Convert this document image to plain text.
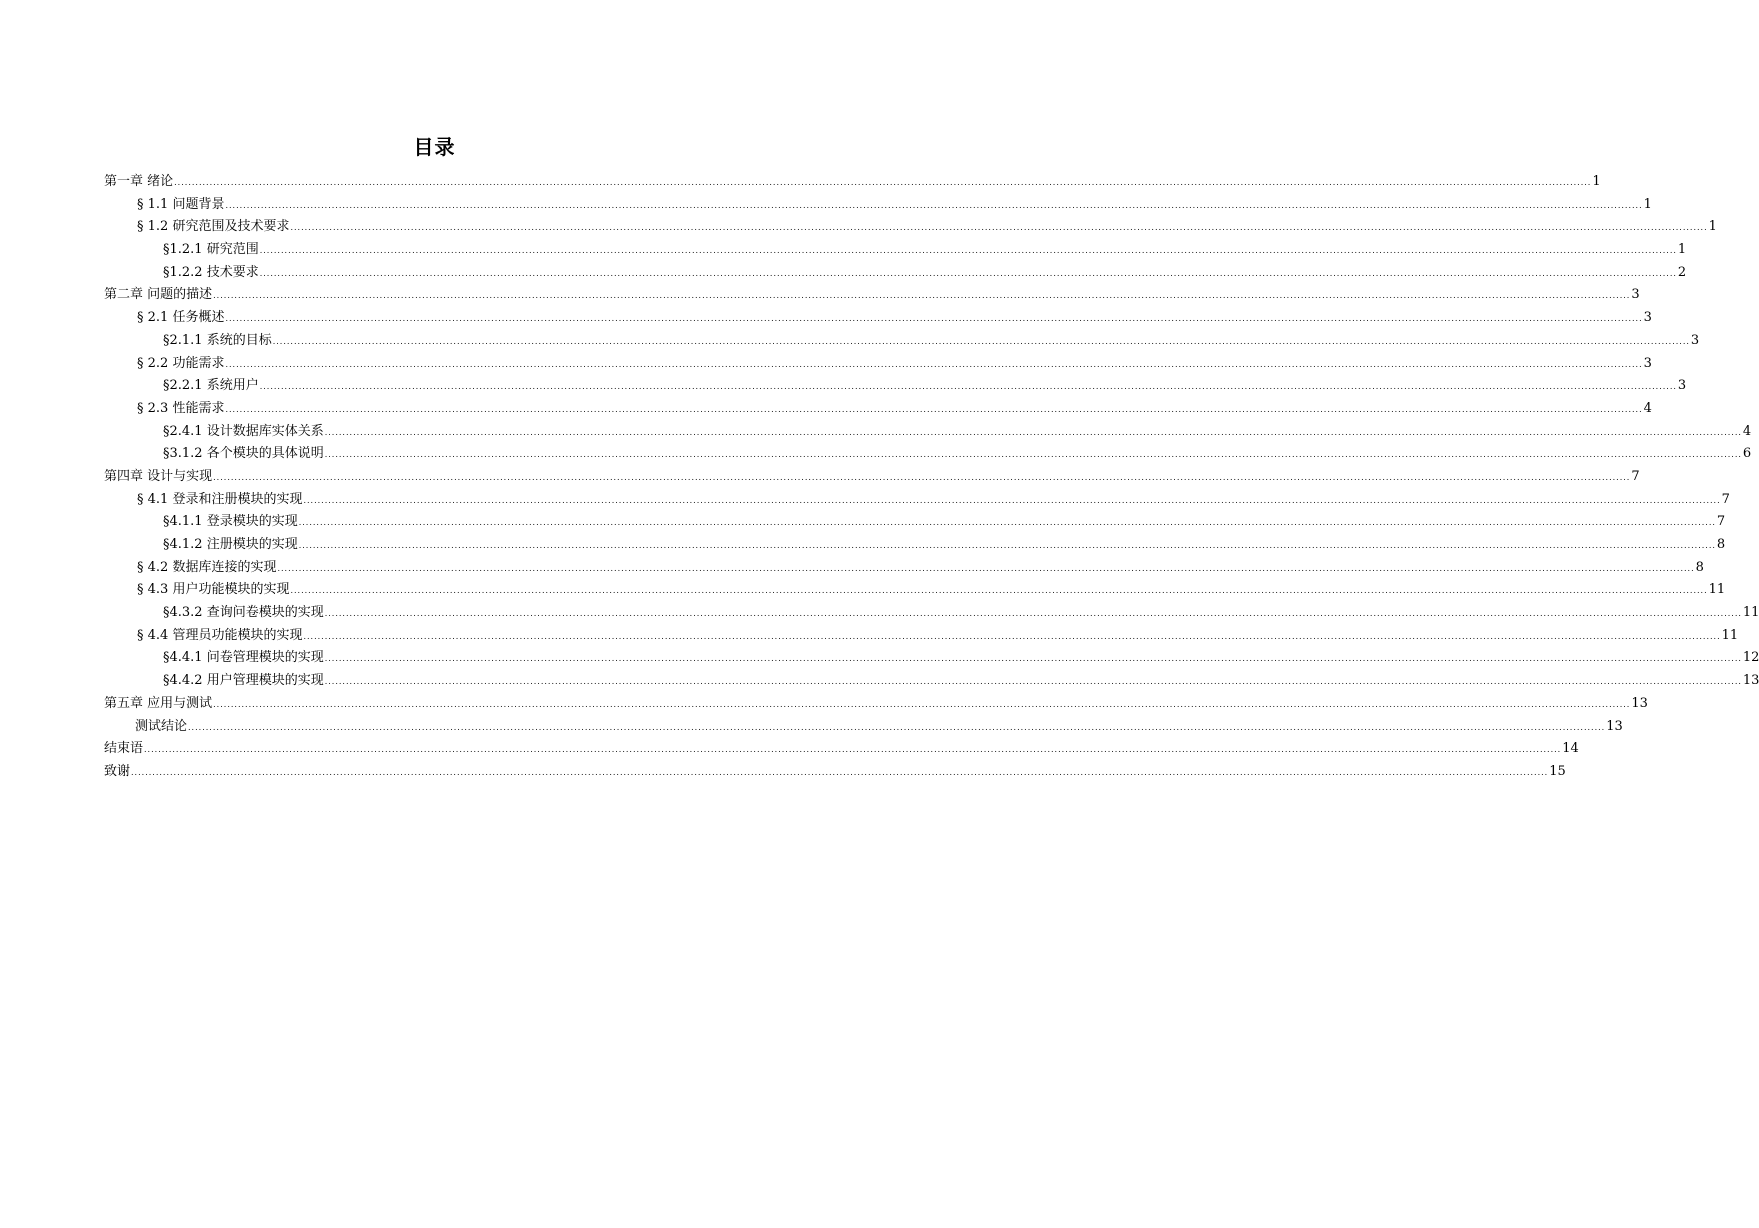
目录
第一章 绪论 ................................................................................................................................................................................................................................................................................................................................................................................................................ 1
§ 1.1 问题背景 ................................................................................................................................................................................................................................................................................................................................................................................................................ 1
§ 1.2 研究范围及技术要求 ................................................................................................................................................................................................................................................................................................................................................................................................................ 1
§1.2.1 研究范围 ................................................................................................................................................................................................................................................................................................................................................................................................................ 1
§1.2.2 技术要求 ................................................................................................................................................................................................................................................................................................................................................................................................................ 2
第二章 问题的描述 ................................................................................................................................................................................................................................................................................................................................................................................................................ 3
§ 2.1 任务概述 ................................................................................................................................................................................................................................................................................................................................................................................................................ 3
§2.1.1 系统的目标 ................................................................................................................................................................................................................................................................................................................................................................................................................ 3
§ 2.2 功能需求 ................................................................................................................................................................................................................................................................................................................................................................................................................ 3
§2.2.1 系统用户 ................................................................................................................................................................................................................................................................................................................................................................................................................ 3
§ 2.3 性能需求 ................................................................................................................................................................................................................................................................................................................................................................................................................ 4
§2.4.1 设计数据库实体关系 ................................................................................................................................................................................................................................................................................................................................................................................................................ 4
§3.1.2 各个模块的具体说明 ................................................................................................................................................................................................................................................................................................................................................................................................................ 6
第四章 设计与实现 ................................................................................................................................................................................................................................................................................................................................................................................................................ 7
§ 4.1 登录和注册模块的实现 ................................................................................................................................................................................................................................................................................................................................................................................................................ 7
§4.1.1 登录模块的实现 ................................................................................................................................................................................................................................................................................................................................................................................................................ 7
§4.1.2 注册模块的实现 ................................................................................................................................................................................................................................................................................................................................................................................................................ 8
§ 4.2 数据库连接的实现 ................................................................................................................................................................................................................................................................................................................................................................................................................ 8
§ 4.3 用户功能模块的实现 ................................................................................................................................................................................................................................................................................................................................................................................................................ 11
§4.3.2 查询问卷模块的实现 ................................................................................................................................................................................................................................................................................................................................................................................................................ 11
§ 4.4 管理员功能模块的实现 ................................................................................................................................................................................................................................................................................................................................................................................................................ 11
§4.4.1 问卷管理模块的实现 ................................................................................................................................................................................................................................................................................................................................................................................................................ 12
§4.4.2 用户管理模块的实现 ................................................................................................................................................................................................................................................................................................................................................................................................................ 13
第五章 应用与测试 ................................................................................................................................................................................................................................................................................................................................................................................................................ 13
测试结论 ................................................................................................................................................................................................................................................................................................................................................................................................................ 13
结束语 ................................................................................................................................................................................................................................................................................................................................................................................................................ 14
致谢 ................................................................................................................................................................................................................................................................................................................................................................................................................ 15
